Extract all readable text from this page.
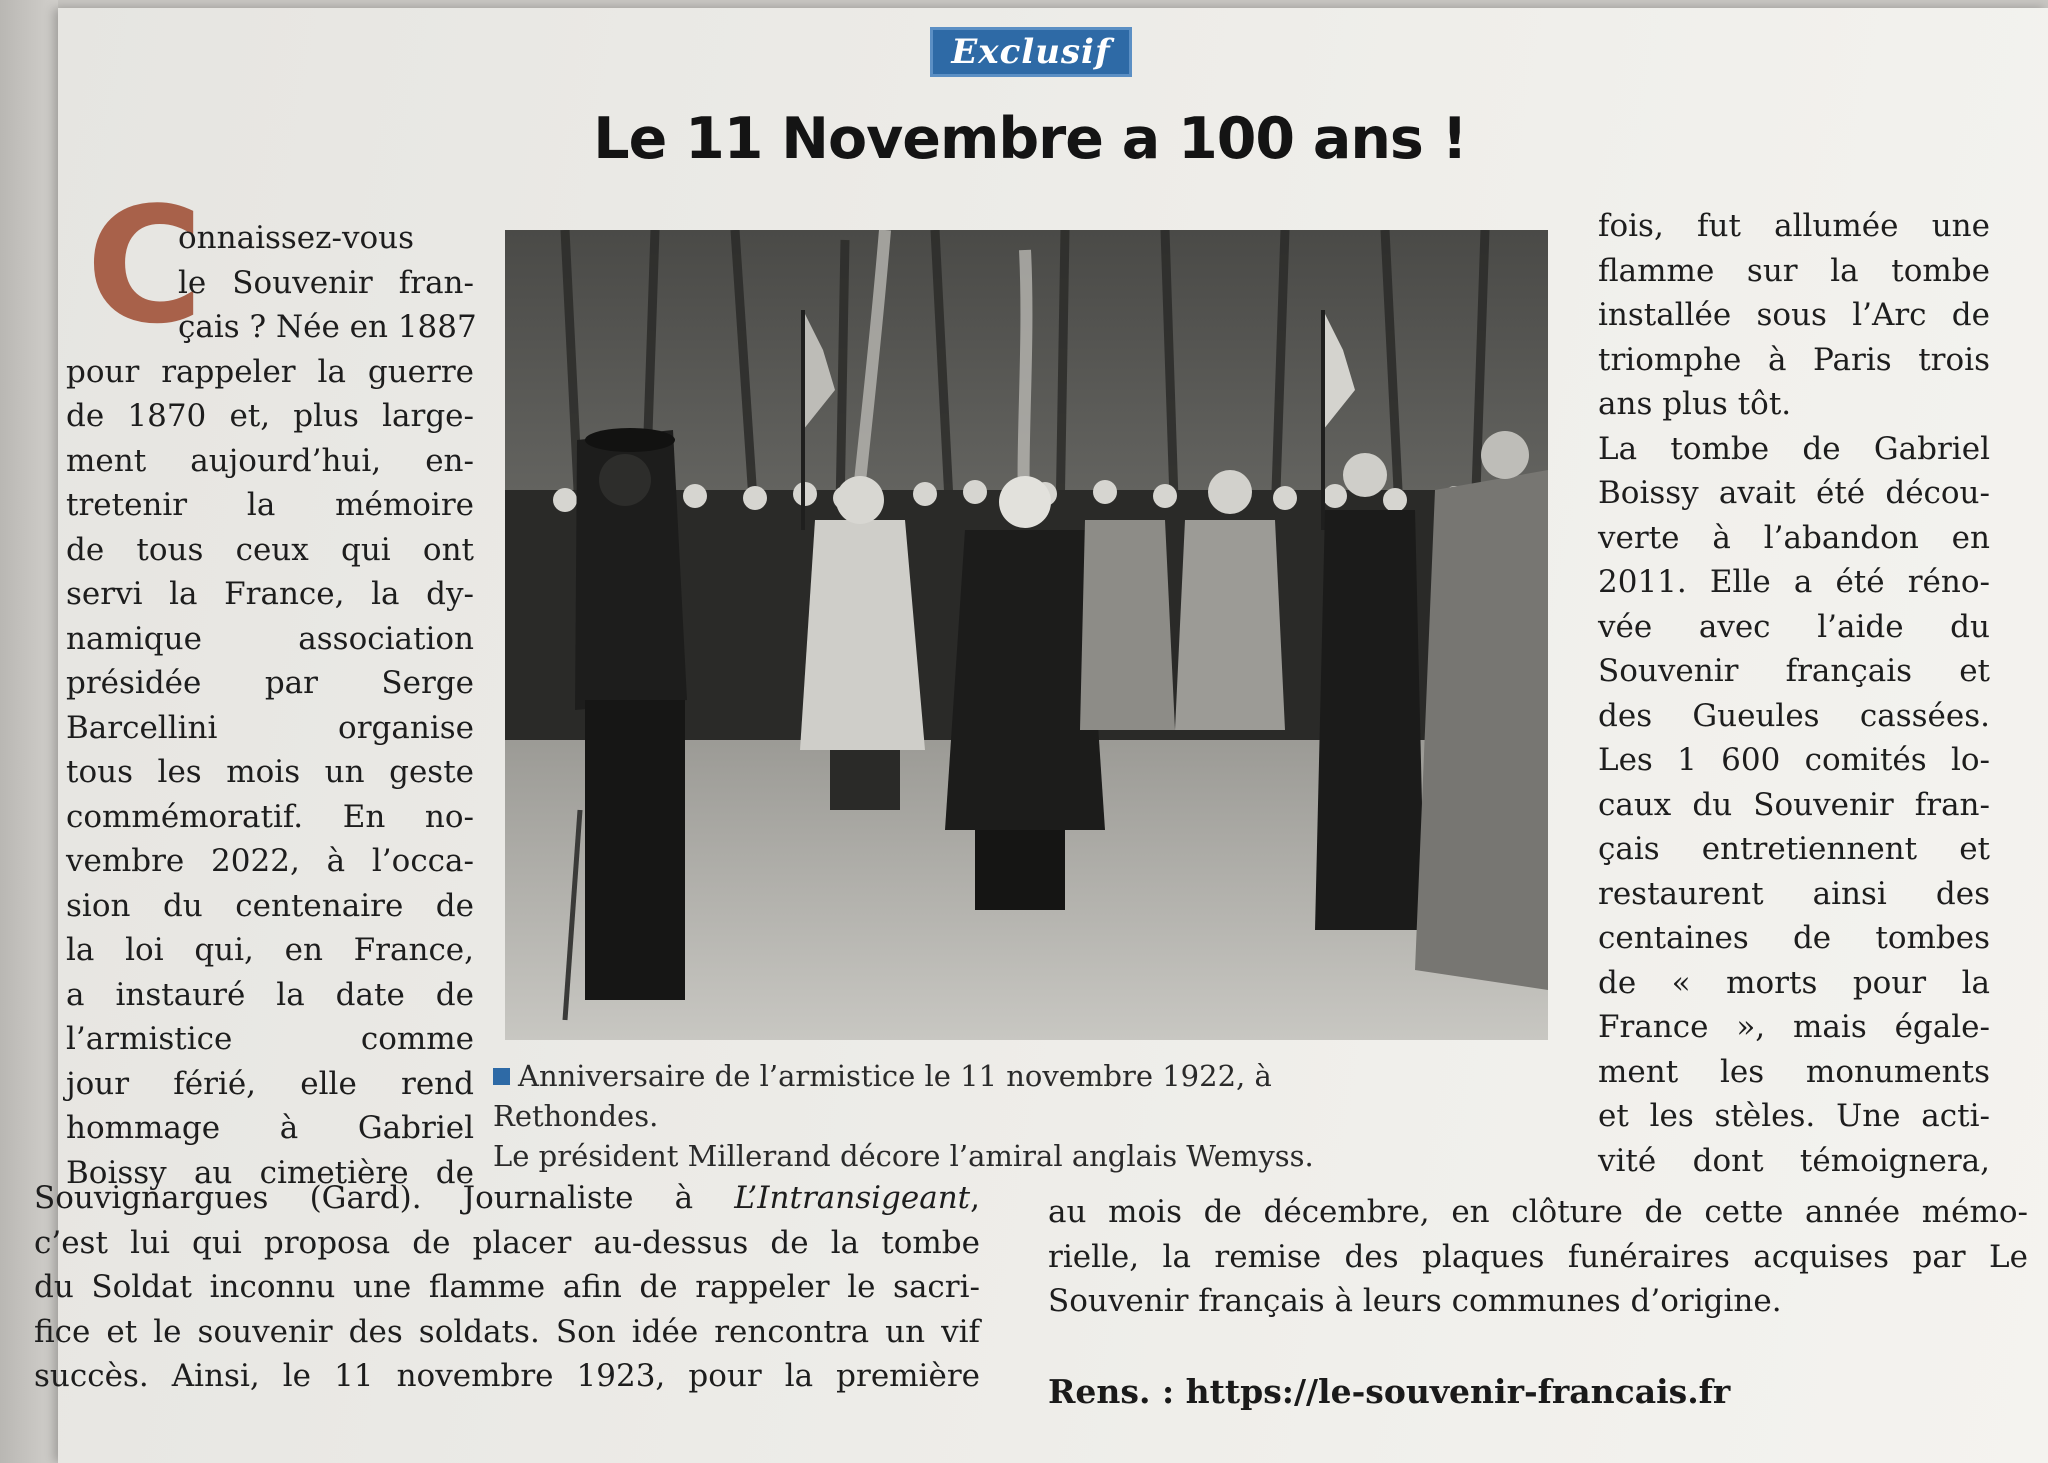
Exclusif
Le 11 Novembre a 100 ans !
C
onnaissez-vous
le Souvenir fran-
çais ? Née en 1887
pour rappeler la guerre
de 1870 et, plus large-
ment aujourd’hui, en-
tretenir la mémoire
de tous ceux qui ont
servi la France, la dy-
namique association
présidée par Serge
Barcellini organise
tous les mois un geste
commémoratif. En no-
vembre 2022, à l’occa-
sion du centenaire de
la loi qui, en France,
a instauré la date de
l’armistice comme
jour férié, elle rend
hommage à Gabriel
Boissy au cimetière de
Souvignargues (Gard). Journaliste à L’Intransigeant,
c’est lui qui proposa de placer au-dessus de la tombe
du Soldat inconnu une flamme afin de rappeler le sacri-
fice et le souvenir des soldats. Son idée rencontra un vif
succès. Ainsi, le 11 novembre 1923, pour la première
fois, fut allumée une
flamme sur la tombe
installée sous l’Arc de
triomphe à Paris trois
ans plus tôt.
La tombe de Gabriel
Boissy avait été décou-
verte à l’abandon en
2011. Elle a été réno-
vée avec l’aide du
Souvenir français et
des Gueules cassées.
Les 1 600 comités lo-
caux du Souvenir fran-
çais entretiennent et
restaurent ainsi des
centaines de tombes
de « morts pour la
France », mais égale-
ment les monuments
et les stèles. Une acti-
vité dont témoignera,
au mois de décembre, en clôture de cette année mémo-
rielle, la remise des plaques funéraires acquises par Le
Souvenir français à leurs communes d’origine.
Rens. : https://le-souvenir-francais.fr
Anniversaire de l’armistice le 11 novembre 1922, à Rethondes.
Le président Millerand décore l’amiral anglais Wemyss.
